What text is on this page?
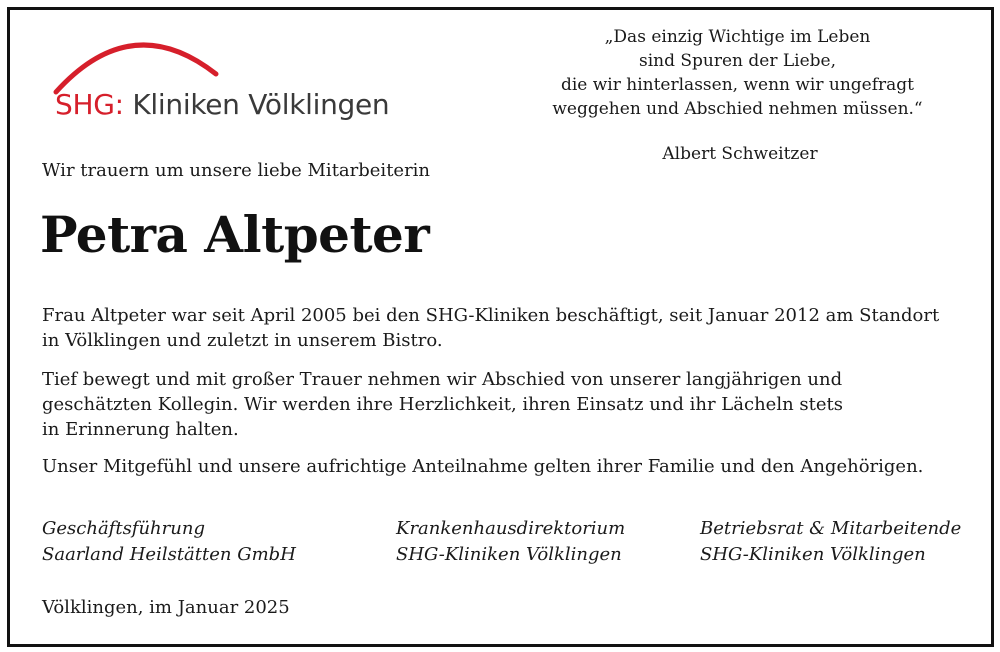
SHG: Kliniken Völklingen
„Das einzig Wichtige im Leben
sind Spuren der Liebe,
die wir hinterlassen, wenn wir ungefragt
weggehen und Abschied nehmen müssen.“
Albert Schweitzer
Wir trauern um unsere liebe Mitarbeiterin
Petra Altpeter
Frau Altpeter war seit April 2005 bei den SHG-Kliniken beschäftigt, seit Januar 2012 am Standort
in Völklingen und zuletzt in unserem Bistro.
Tief bewegt und mit großer Trauer nehmen wir Abschied von unserer langjährigen und
geschätzten Kollegin. Wir werden ihre Herzlichkeit, ihren Einsatz und ihr Lächeln stets
in Erinnerung halten.
Unser Mitgefühl und unsere aufrichtige Anteilnahme gelten ihrer Familie und den Angehörigen.
Geschäftsführung
Saarland Heilstätten GmbH
Krankenhausdirektorium
SHG-Kliniken Völklingen
Betriebsrat & Mitarbeitende
SHG-Kliniken Völklingen
Völklingen, im Januar 2025
